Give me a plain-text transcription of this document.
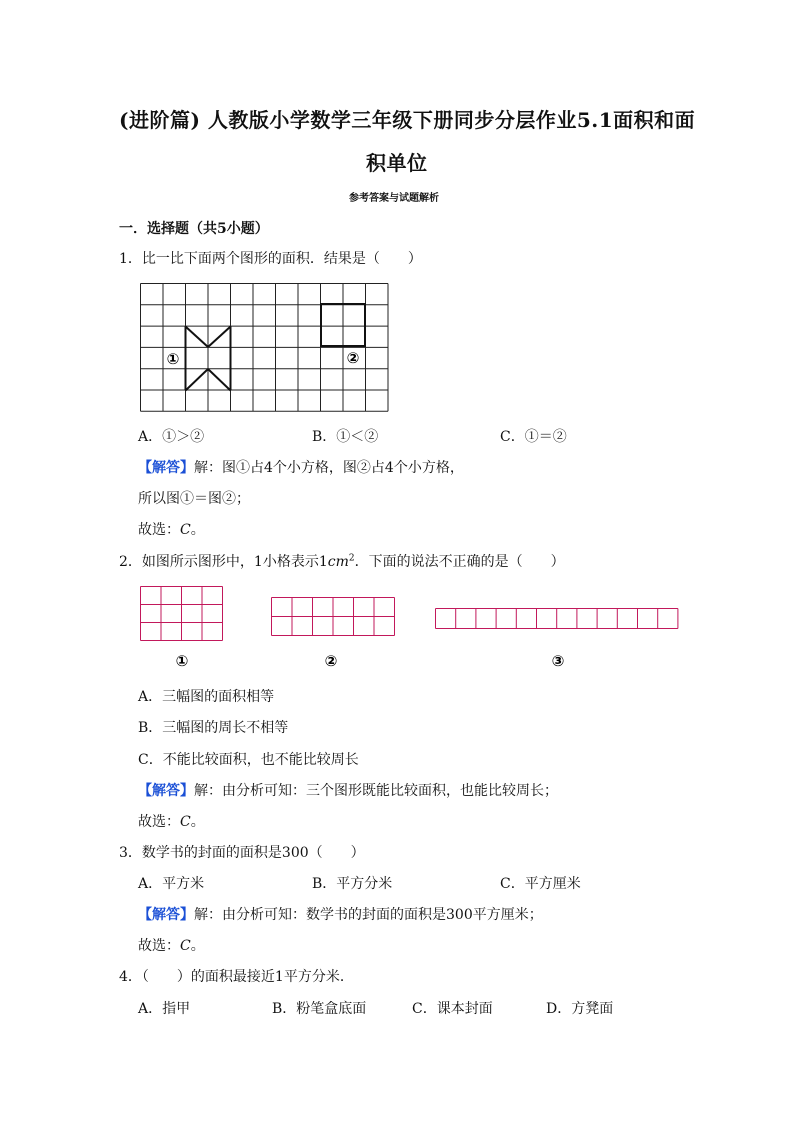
(进阶篇) 人教版小学数学三年级下册同步分层作业5.1面积和面
积单位
参考答案与试题解析
一．选择题（共5小题）
1．比一比下面两个图形的面积．结果是（　　）
①	②
A．①＞②	B．①＜②	C．①＝②
【解答】解：图①占4个小方格，图②占4个小方格，
所以图①＝图②；
故选：C。
2．如图所示图形中，1小格表示$1cm^2$．下面的说法不正确的是（　　）
①	②	③
A．三幅图的面积相等
B．三幅图的周长不相等
C．不能比较面积，也不能比较周长
【解答】解：由分析可知：三个图形既能比较面积，也能比较周长；
故选：C。
3．数学书的封面的面积是300（　　）
A．平方米	B．平方分米	C．平方厘米
【解答】解：由分析可知：数学书的封面的面积是300平方厘米；
故选：C。
4．（　　）的面积最接近1平方分米．
A．指甲	B．粉笔盒底面	C．课本封面	D．方凳面
